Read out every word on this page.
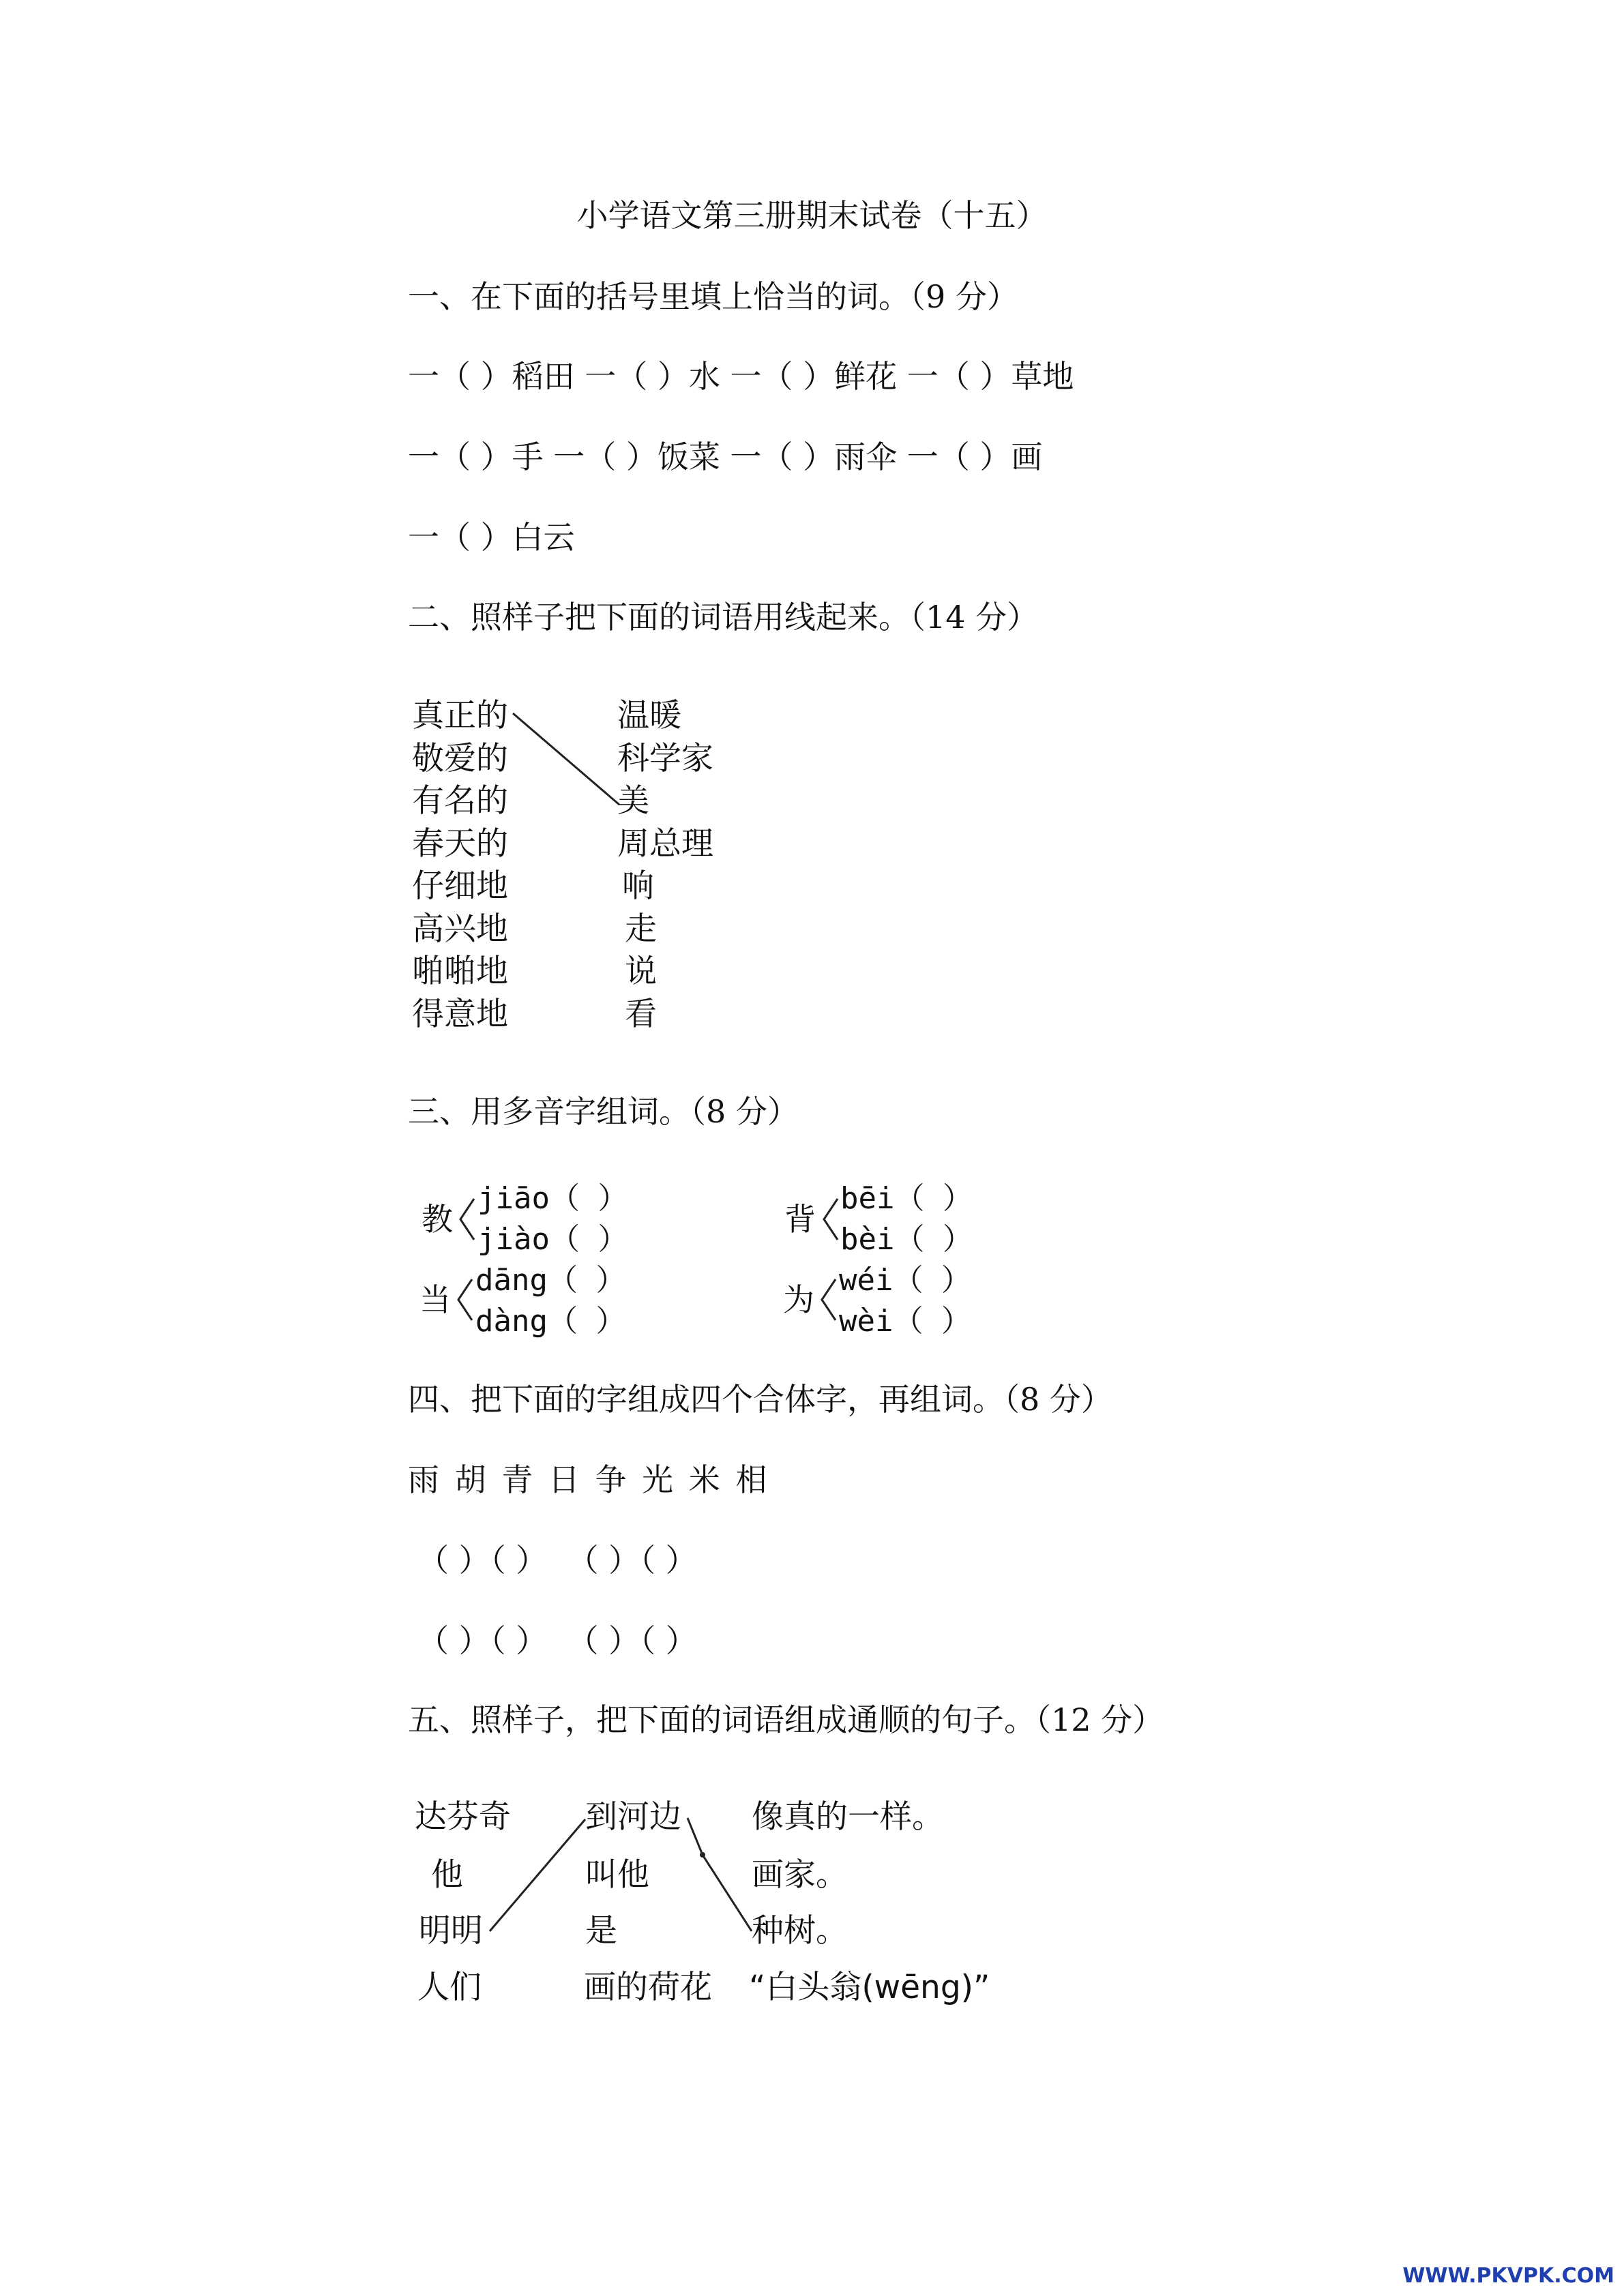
小学语文第三册期末试卷（十五）
一、在下面的括号里填上恰当的词。（9 分）
一（ ）稻田 一（ ）水 一（ ）鲜花 一（ ）草地
一（ ）手 一（ ）饭菜 一（ ）雨伞 一（ ）画
一（ ）白云
二、照样子把下面的词语用线起来。（14 分）
真正的
敬爱的
有名的
春天的
仔细地
高兴地
啪啪地
得意地
温暖
科学家
美
周总理
响
走
说
看
三、用多音字组词。（8 分）
教
jiāo（ ）
jiào（ ）
背
bēi（ ）
bèi（ ）
当
dāng（ ）
dàng（ ）
为
wéi（ ）
wèi（ ）
四、把下面的字组成四个合体字，再组词。（8 分）
雨 胡 青 日 争 光 米 相
（ ）（ ）  （ ）（ ）
（ ）（ ）  （ ）（ ）
五、照样子，把下面的词语组成通顺的句子。（12 分）
达芬奇
他
明明
人们
到河边
叫他
是
画的荷花
像真的一样。
画家。
种树。
“白头翁(wēng)”
WWW.PKVPK.COM
